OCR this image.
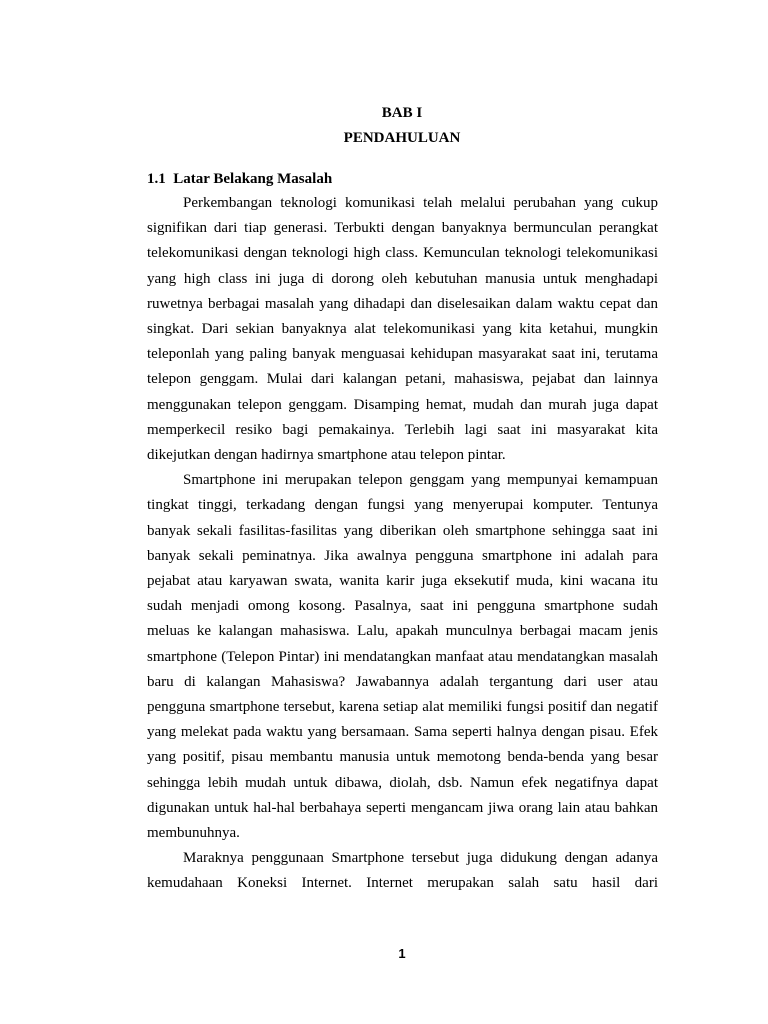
BAB I
PENDAHULUAN
1.1  Latar Belakang Masalah

Perkembangan teknologi komunikasi telah melalui perubahan yang cukup signifikan dari tiap generasi. Terbukti dengan banyaknya bermunculan perangkat telekomunikasi dengan teknologi high class. Kemunculan teknologi telekomunikasi yang high class ini juga di dorong oleh kebutuhan manusia untuk menghadapi ruwetnya berbagai masalah yang dihadapi dan diselesaikan dalam waktu cepat dan singkat. Dari sekian banyaknya alat telekomunikasi yang kita ketahui, mungkin teleponlah yang paling banyak menguasai kehidupan masyarakat saat ini, terutama telepon genggam. Mulai dari kalangan petani, mahasiswa, pejabat dan lainnya menggunakan telepon genggam. Disamping hemat, mudah dan murah juga dapat memperkecil resiko bagi pemakainya. Terlebih lagi saat ini masyarakat kita dikejutkan dengan hadirnya smartphone atau telepon pintar.

Smartphone ini merupakan telepon genggam yang mempunyai kemampuan tingkat tinggi, terkadang dengan fungsi yang menyerupai komputer. Tentunya banyak sekali fasilitas-fasilitas yang diberikan oleh smartphone sehingga saat ini banyak sekali peminatnya. Jika awalnya pengguna smartphone ini adalah para pejabat atau karyawan swata, wanita karir juga eksekutif muda, kini wacana itu sudah menjadi omong kosong. Pasalnya, saat ini pengguna smartphone sudah meluas ke kalangan mahasiswa. Lalu, apakah munculnya berbagai macam jenis smartphone (Telepon Pintar) ini mendatangkan manfaat atau mendatangkan masalah baru di kalangan Mahasiswa? Jawabannya adalah tergantung dari user atau pengguna smartphone tersebut, karena setiap alat memiliki fungsi positif dan negatif yang melekat pada waktu yang bersamaan. Sama seperti halnya dengan pisau. Efek yang positif, pisau membantu manusia untuk memotong benda-benda yang besar sehingga lebih mudah untuk dibawa, diolah, dsb. Namun efek negatifnya dapat digunakan untuk hal-hal berbahaya seperti mengancam jiwa orang lain atau bahkan membunuhnya.

Maraknya penggunaan Smartphone tersebut juga didukung dengan adanya kemudahaan Koneksi Internet. Internet merupakan salah satu hasil dari

1
